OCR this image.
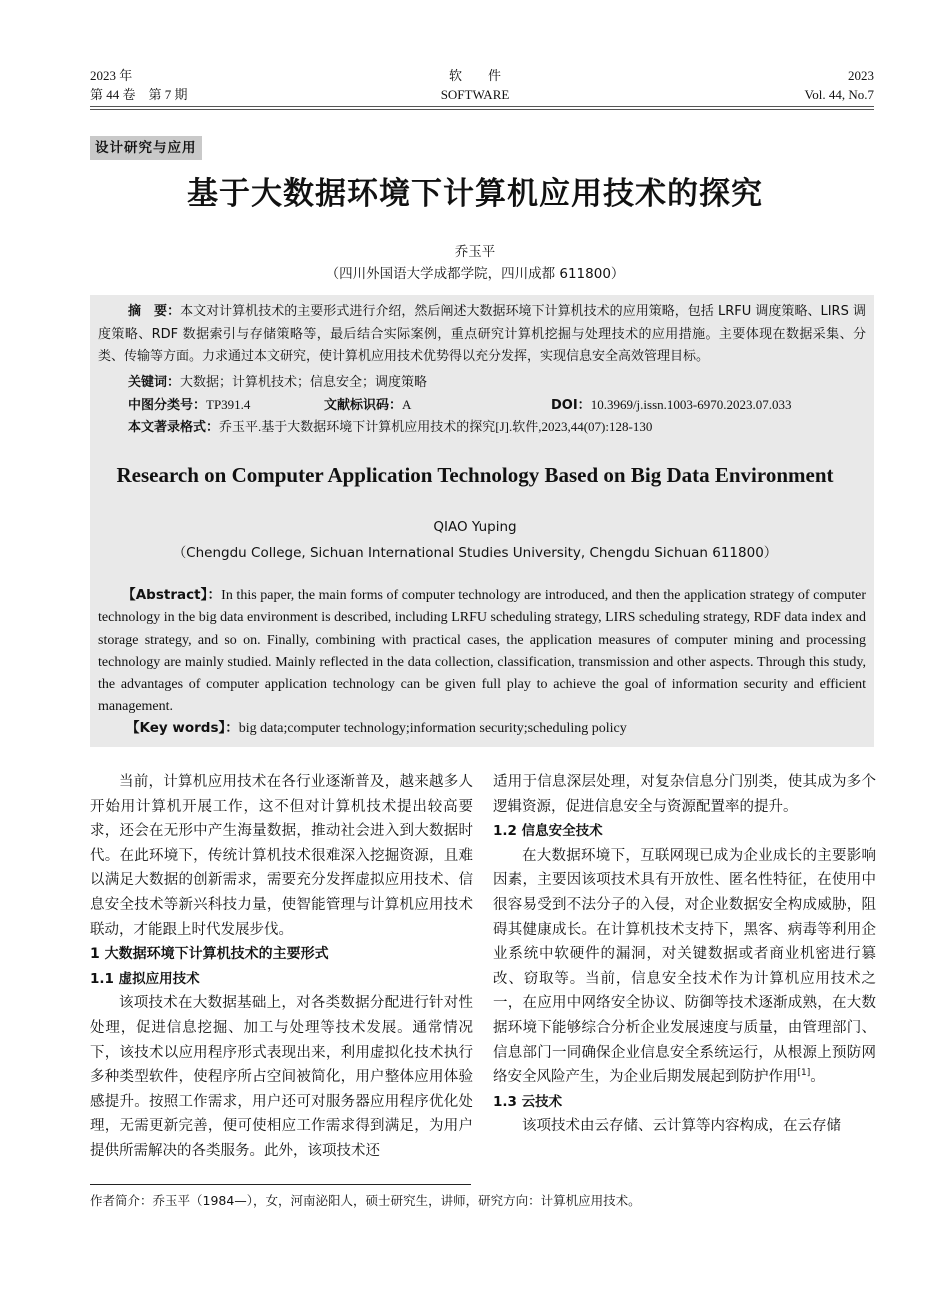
2023 年
第 44 卷　第 7 期
软　　件
SOFTWARE
2023
Vol. 44, No.7
设计研究与应用
基于大数据环境下计算机应用技术的探究
乔玉平
（四川外国语大学成都学院，四川成都 611800）
摘　要：本文对计算机技术的主要形式进行介绍，然后阐述大数据环境下计算机技术的应用策略，包括 LRFU 调度策略、LIRS 调度策略、RDF 数据索引与存储策略等，最后结合实际案例，重点研究计算机挖掘与处理技术的应用措施。主要体现在数据采集、分类、传输等方面。力求通过本文研究，使计算机应用技术优势得以充分发挥，实现信息安全高效管理目标。
关键词：大数据；计算机技术；信息安全；调度策略
中图分类号：TP391.4	文献标识码：A	DOI：10.3969/j.issn.1003-6970.2023.07.033
本文著录格式：乔玉平.基于大数据环境下计算机应用技术的探究[J].软件,2023,44(07):128-130
Research on Computer Application Technology Based on Big Data Environment
QIAO Yuping
（Chengdu College, Sichuan International Studies University, Chengdu Sichuan 611800）
【Abstract】：In this paper, the main forms of computer technology are introduced, and then the application strategy of computer technology in the big data environment is described, including LRFU scheduling strategy, LIRS scheduling strategy, RDF data index and storage strategy, and so on. Finally, combining with practical cases, the application measures of computer mining and processing technology are mainly studied. Mainly reflected in the data collection, classification, transmission and other aspects. Through this study, the advantages of computer application technology can be given full play to achieve the goal of information security and efficient management.
【Key words】：big data;computer technology;information security;scheduling policy

当前，计算机应用技术在各行业逐渐普及，越来越多人开始用计算机开展工作，这不但对计算机技术提出较高要求，还会在无形中产生海量数据，推动社会进入到大数据时代。在此环境下，传统计算机技术很难深入挖掘资源，且难以满足大数据的创新需求，需要充分发挥虚拟应用技术、信息安全技术等新兴科技力量，使智能管理与计算机应用技术联动，才能跟上时代发展步伐。

1 大数据环境下计算机技术的主要形式
1.1 虚拟应用技术

该项技术在大数据基础上，对各类数据分配进行针对性处理，促进信息挖掘、加工与处理等技术发展。通常情况下，该技术以应用程序形式表现出来，利用虚拟化技术执行多种类型软件，使程序所占空间被简化，用户整体应用体验感提升。按照工作需求，用户还可对服务器应用程序优化处理，无需更新完善，便可使相应工作需求得到满足，为用户提供所需解决的各类服务。此外，该项技术还

适用于信息深层处理，对复杂信息分门别类，使其成为多个逻辑资源，促进信息安全与资源配置率的提升。

1.2 信息安全技术

在大数据环境下，互联网现已成为企业成长的主要影响因素，主要因该项技术具有开放性、匿名性特征，在使用中很容易受到不法分子的入侵，对企业数据安全构成威胁，阻碍其健康成长。在计算机技术支持下，黑客、病毒等利用企业系统中软硬件的漏洞，对关键数据或者商业机密进行篡改、窃取等。当前，信息安全技术作为计算机应用技术之一，在应用中网络安全协议、防御等技术逐渐成熟，在大数据环境下能够综合分析企业发展速度与质量，由管理部门、信息部门一同确保企业信息安全系统运行，从根源上预防网络安全风险产生，为企业后期发展起到防护作用[1]。

1.3 云技术

该项技术由云存储、云计算等内容构成，在云存储

作者简介：乔玉平（1984—），女，河南泌阳人，硕士研究生，讲师，研究方向：计算机应用技术。
